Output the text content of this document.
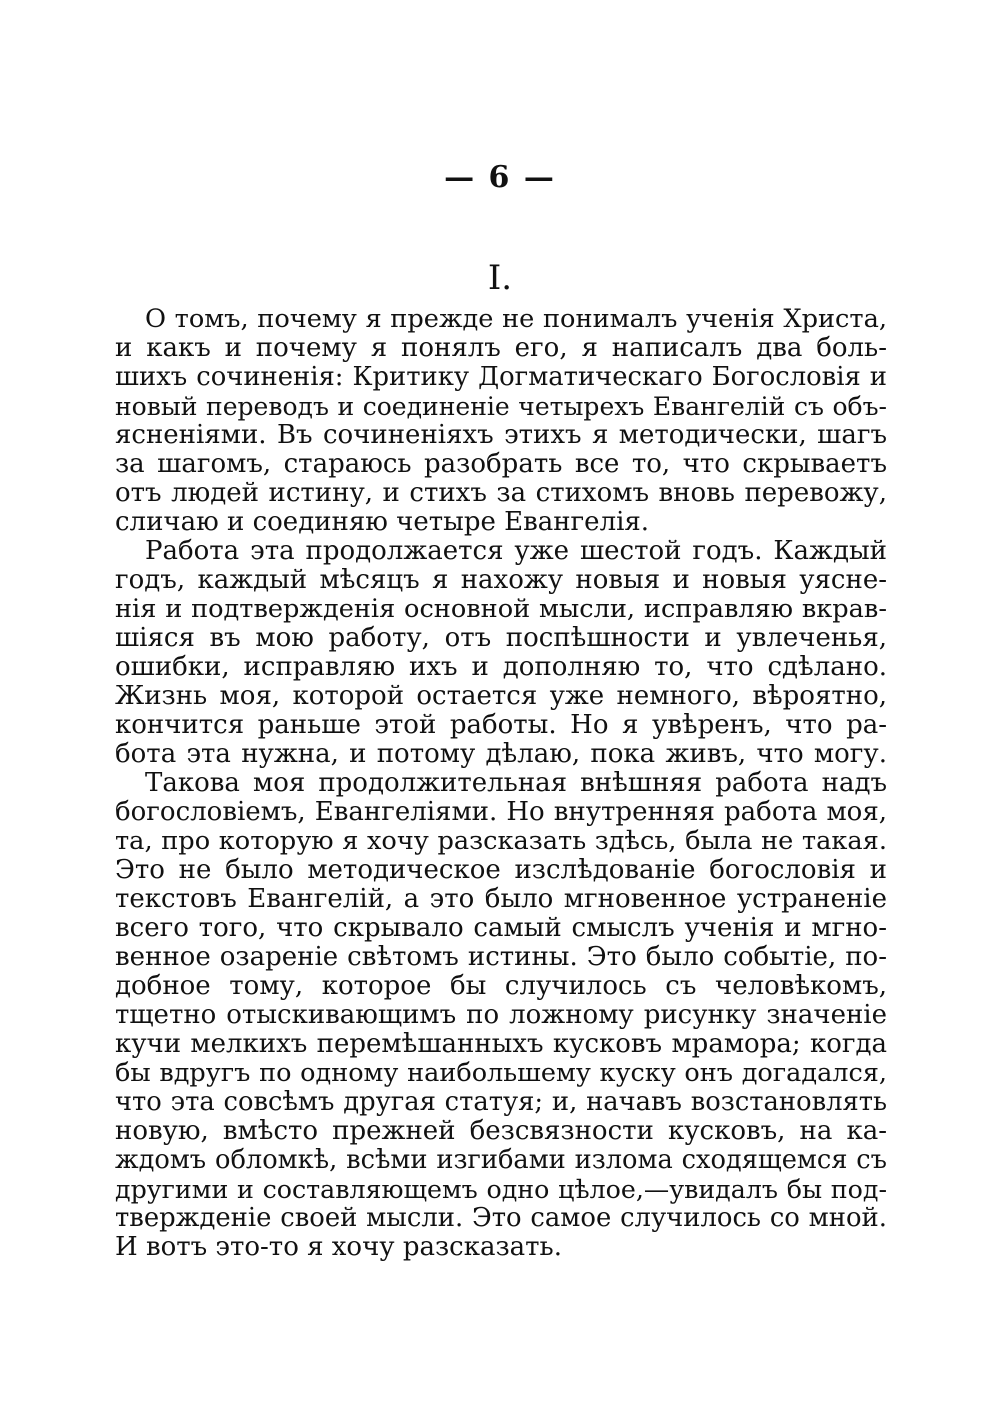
— 6 —
I.
О томъ, почему я прежде не понималъ ученія Христа,
и какъ и почему я понялъ его, я написалъ два боль-
шихъ сочиненія: Критику Догматическаго Богословія и
новый переводъ и соединеніе четырехъ Евангелій съ объ-
ясненіями. Въ сочиненіяхъ этихъ я методически, шагъ
за шагомъ, стараюсь разобрать все то, что скрываетъ
отъ людей истину, и стихъ за стихомъ вновь перевожу,
сличаю и соединяю четыре Евангелія.
Работа эта продолжается уже шестой годъ. Каждый
годъ, каждый мѣсяцъ я нахожу новыя и новыя уясне-
нія и подтвержденія основной мысли, исправляю вкрав-
шіяся въ мою работу, отъ поспѣшности и увлеченья,
ошибки, исправляю ихъ и дополняю то, что сдѣлано.
Жизнь моя, которой остается уже немного, вѣроятно,
кончится раньше этой работы. Но я увѣренъ, что ра-
бота эта нужна, и потому дѣлаю, пока живъ, что могу.
Такова моя продолжительная внѣшняя работа надъ
богословіемъ, Евангеліями. Но внутренняя работа моя,
та, про которую я хочу разсказать здѣсь, была не такая.
Это не было методическое изслѣдованіе богословія и
текстовъ Евангелій, а это было мгновенное устраненіе
всего того, что скрывало самый смыслъ ученія и мгно-
венное озареніе свѣтомъ истины. Это было событіе, по-
добное тому, которое бы случилось съ человѣкомъ,
тщетно отыскивающимъ по ложному рисунку значеніе
кучи мелкихъ перемѣшанныхъ кусковъ мрамора; когда
бы вдругъ по одному наибольшему куску онъ догадался,
что эта совсѣмъ другая статуя; и, начавъ возстановлять
новую, вмѣсто прежней безсвязности кусковъ, на ка-
ждомъ обломкѣ, всѣми изгибами излома сходящемся съ
другими и составляющемъ одно цѣлое,—увидалъ бы под-
твержденіе своей мысли. Это самое случилось со мной.
И вотъ это-то я хочу разсказать.
